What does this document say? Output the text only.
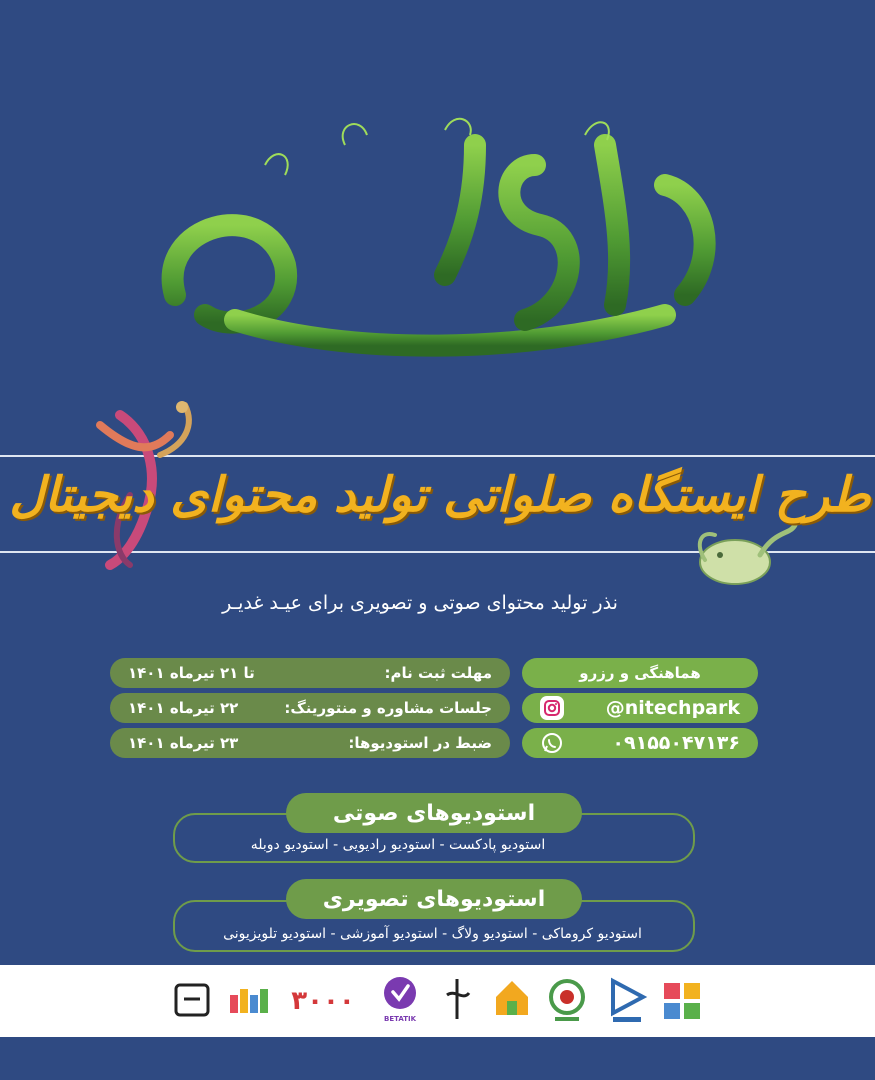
طرح ایستگاه صلواتی تولید محتوای دیجیتال
نذر تولید محتوای صوتی و تصویری برای عیـد غدیـر
هماهنگی و رزرو
@nitechpark
۰۹۱۵۵۰۴۷۱۳۶
مهلت ثبت نام:
تا ۲۱ تیرماه ۱۴۰۱
جلسات مشاوره و منتورینگ:
۲۲ تیرماه ۱۴۰۱
ضبط در استودیوها:
۲۳ تیرماه ۱۴۰۱
استودیوهای صوتی
استودیو پادکست - استودیو رادیویی - استودیو دوبله
استودیوهای تصویری
استودیو کروماکی - استودیو ولاگ - استودیو آموزشی - استودیو تلویزیونی
BETATIK
۳۰۰۰
